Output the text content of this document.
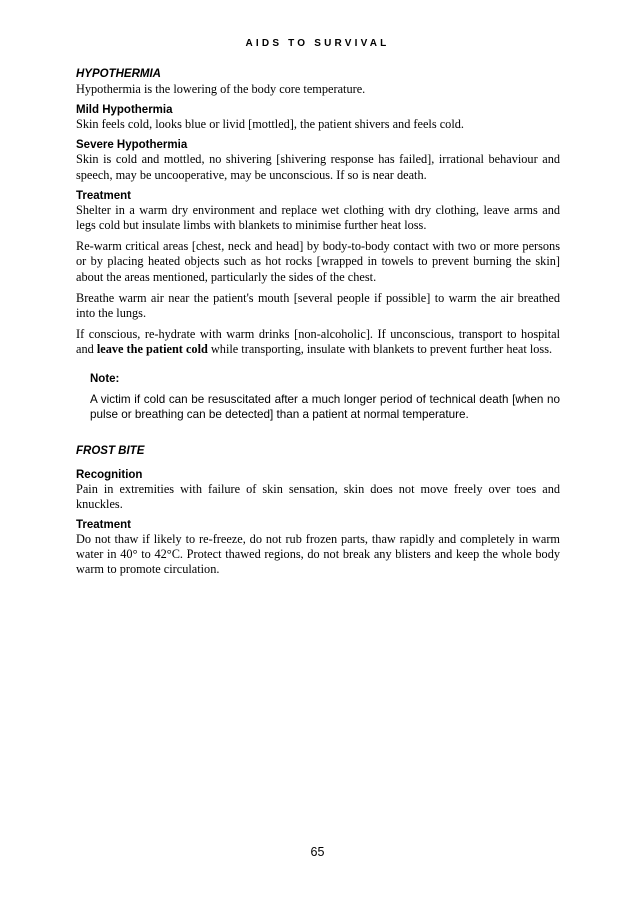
AIDS TO SURVIVAL
HYPOTHERMIA

Hypothermia is the lowering of the body core temperature.

Mild Hypothermia

Skin feels cold, looks blue or livid [mottled], the patient shivers and feels cold.

Severe Hypothermia

Skin is cold and mottled, no shivering [shivering response has failed], irrational behaviour and speech, may be uncooperative, may be unconscious. If so is near death.

Treatment

Shelter in a warm dry environment and replace wet clothing with dry clothing, leave arms and legs cold but insulate limbs with blankets to minimise further heat loss.

Re-warm critical areas [chest, neck and head] by body-to-body contact with two or more persons or by placing heated objects such as hot rocks [wrapped in towels to prevent burning the skin] about the areas mentioned, particularly the sides of the chest.

Breathe warm air near the patient's mouth [several people if possible] to warm the air breathed into the lungs.

If conscious, re-hydrate with warm drinks [non-alcoholic]. If unconscious, transport to hospital and leave the patient cold while transporting, insulate with blankets to prevent further heat loss.

Note:

A victim if cold can be resuscitated after a much longer period of technical death [when no pulse or breathing can be detected] than a patient at normal temperature.

FROST BITE
Recognition

Pain in extremities with failure of skin sensation, skin does not move freely over toes and knuckles.

Treatment

Do not thaw if likely to re-freeze, do not rub frozen parts, thaw rapidly and completely in warm water in 40° to 42°C. Protect thawed regions, do not break any blisters and keep the whole body warm to promote circulation.

65
